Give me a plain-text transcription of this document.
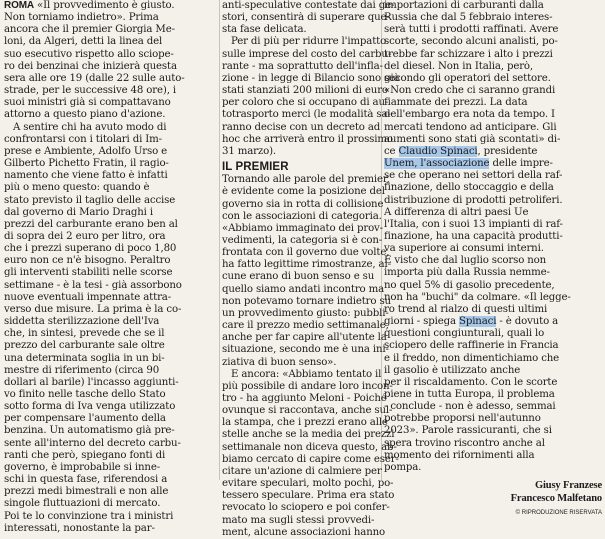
ROMA «Il provvedimento è giusto.
Non torniamo indietro». Prima
ancora che il premier Giorgia Me-
loni, da Algeri, detti la linea del
suo esecutivo rispetto allo sciope-
ro dei benzinai che inizierà questa
sera alle ore 19 (dalle 22 sulle auto-
strade, per le successive 48 ore), i
suoi ministri già si compattavano
attorno a questo piano d'azione.
A sentire chi ha avuto modo di
confrontarsi con i titolari di Im-
prese e Ambiente, Adolfo Urso e
Gilberto Pichetto Fratin, il ragio-
namento che viene fatto è infatti
più o meno questo: quando è
stato previsto il taglio delle accise
dal governo di Mario Draghi i
prezzi del carburante erano ben al
di sopra dei 2 euro per litro, ora
che i prezzi superano di poco 1,80
euro non ce n'è bisogno. Peraltro
gli interventi stabiliti nelle scorse
settimane - è la tesi - già assorbono
nuove eventuali impennate attra-
verso due misure. La prima è la co-
siddetta sterilizzazione dell'Iva
che, in sintesi, prevede che se il
prezzo del carburante sale oltre
una determinata soglia in un bi-
mestre di riferimento (circa 90
dollari al barile) l'incasso aggiunti-
vo finito nelle tasche dello Stato
sotto forma di Iva venga utilizzato
per compensare l'aumento della
benzina. Un automatismo già pre-
sente all'interno del decreto carbu-
ranti che però, spiegano fonti di
governo, è improbabile si inne-
schi in questa fase, riferendosi a
prezzi medi bimestrali e non alle
singole fluttuazioni di mercato.
Poi te lo convinzione tra i ministri
interessati, nonostante la par-
anti-speculative contestate dai ge-
stori, consentirà di superare que-
sta fase delicata.
Per di più per ridurre l'impatto
sulle imprese del costo del carbu-
rante - ma soprattutto dell'infla-
zione - in legge di Bilancio sono già
stati stanziati 200 milioni di euro
per coloro che si occupano di au-
totrasporto merci (le modalità sa-
ranno decise con un decreto ad
hoc che arriverà entro il prossimo
31 marzo).
IL PREMIER
Tornando alle parole del premier,
è evidente come la posizione del
governo sia in rotta di collisione
con le associazioni di categoria.
«Abbiamo immaginato dei prov-
vedimenti, la categoria si è con-
frontata con il governo due volte,
ha fatto legittime rimostranze, al-
cune erano di buon senso e su
quello siamo andati incontro ma
non potevamo tornare indietro su
un provvedimento giusto: pubbli-
care il prezzo medio settimanale,
anche per far capire all'utente la
situazione, secondo me è una ini-
ziativa di buon senso».
E ancora: «Abbiamo tentato il
più possibile di andare loro incon-
tro - ha aggiunto Meloni - Poiché
ovunque si raccontava, anche sul-
la stampa, che i prezzi erano alle
stelle anche se la media dei prezzi
settimanale non diceva questo, ab-
biamo cercato di capire come eser-
citare un'azione di calmiere per
evitare speculari, molto pochi, po-
tessero speculare. Prima era stato
revocato lo sciopero e poi confer-
mato ma sugli stessi provvedi-
ment, alcune associazioni hanno
importazioni di carburanti dalla
Russia che dal 5 febbraio interes-
serà tutti i prodotti raffinati. Avere
scorte, secondo alcuni analisti, po-
trebbe far schizzare i alto i prezzi
del diesel. Non in Italia, però,
secondo gli operatori del settore.
«Non credo che ci saranno grandi
fiammate dei prezzi. La data
dell'embargo era nota da tempo. I
mercati tendono ad anticipare. Gli
aumenti sono stati già scontati» di-
ce Claudio Spinaci, presidente
Unem, l'associazione delle impre-
se che operano nei settori della raf-
finazione, dello stoccaggio e della
distribuzione di prodotti petroliferi.
A differenza di altri paesi Ue
l'Italia, con i suoi 13 impianti di raf-
finazione, ha una capacità produtti-
va superiore ai consumi interni.
E visto che dal luglio scorso non
importa più dalla Russia nemme-
no quel 5% di gasolio precedente,
non ha "buchi" da colmare. «Il legge-
ro trend al rialzo di questi ultimi
giorni - spiega Spinaci - è dovuto a
questioni congiunturali, quali lo
sciopero delle raffinerie in Francia
e il freddo, non dimentichiamo che
il gasolio è utilizzato anche
per il riscaldamento. Con le scorte
piene in tutta Europa, il problema
- conclude - non è adesso, semmai
potrebbe proporsi nell'autunno
2023». Parole rassicuranti, che si
spera trovino riscontro anche al
momento dei rifornimenti alla
pompa.
Giusy Franzese
Francesco Malfetano
© RIPRODUZIONE RISERVATA
